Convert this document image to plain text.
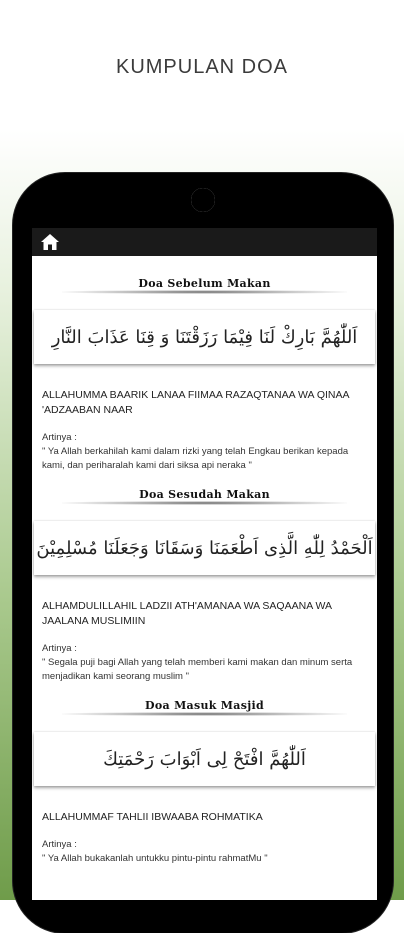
KUMPULAN DOA
Doa Sebelum Makan
اَللّٰهُمَّ بَارِكْ لَنَا فِيْمَا رَزَقْتَنَا وَ قِنَا عَذَابَ النَّارِ
ALLAHUMMA BAARIK LANAA FIIMAA RAZAQTANAA WA QINAA 'ADZAABAN NAAR
Artinya :
" Ya Allah berkahilah kami dalam rizki yang telah Engkau berikan kepada kami, dan periharalah kami dari siksa api neraka "
Doa Sesudah Makan
اَلْحَمْدُ لِلّٰهِ الَّذِى اَطْعَمَنَا وَسَقَانَا وَجَعَلَنَا مُسْلِمِيْنَ
ALHAMDULILLAHIL LADZII ATH'AMANAA WA SAQAANA WA JAALANA MUSLIMIIN
Artinya :
" Segala puji bagi Allah yang telah memberi kami makan dan minum serta menjadikan kami seorang muslim "
Doa Masuk Masjid
اَللّٰهُمَّ افْتَحْ لِى اَبْوَابَ رَحْمَتِكَ
ALLAHUMMAF TAHLII IBWAABA ROHMATIKA
Artinya :
" Ya Allah bukakanlah untukku pintu-pintu rahmatMu "
